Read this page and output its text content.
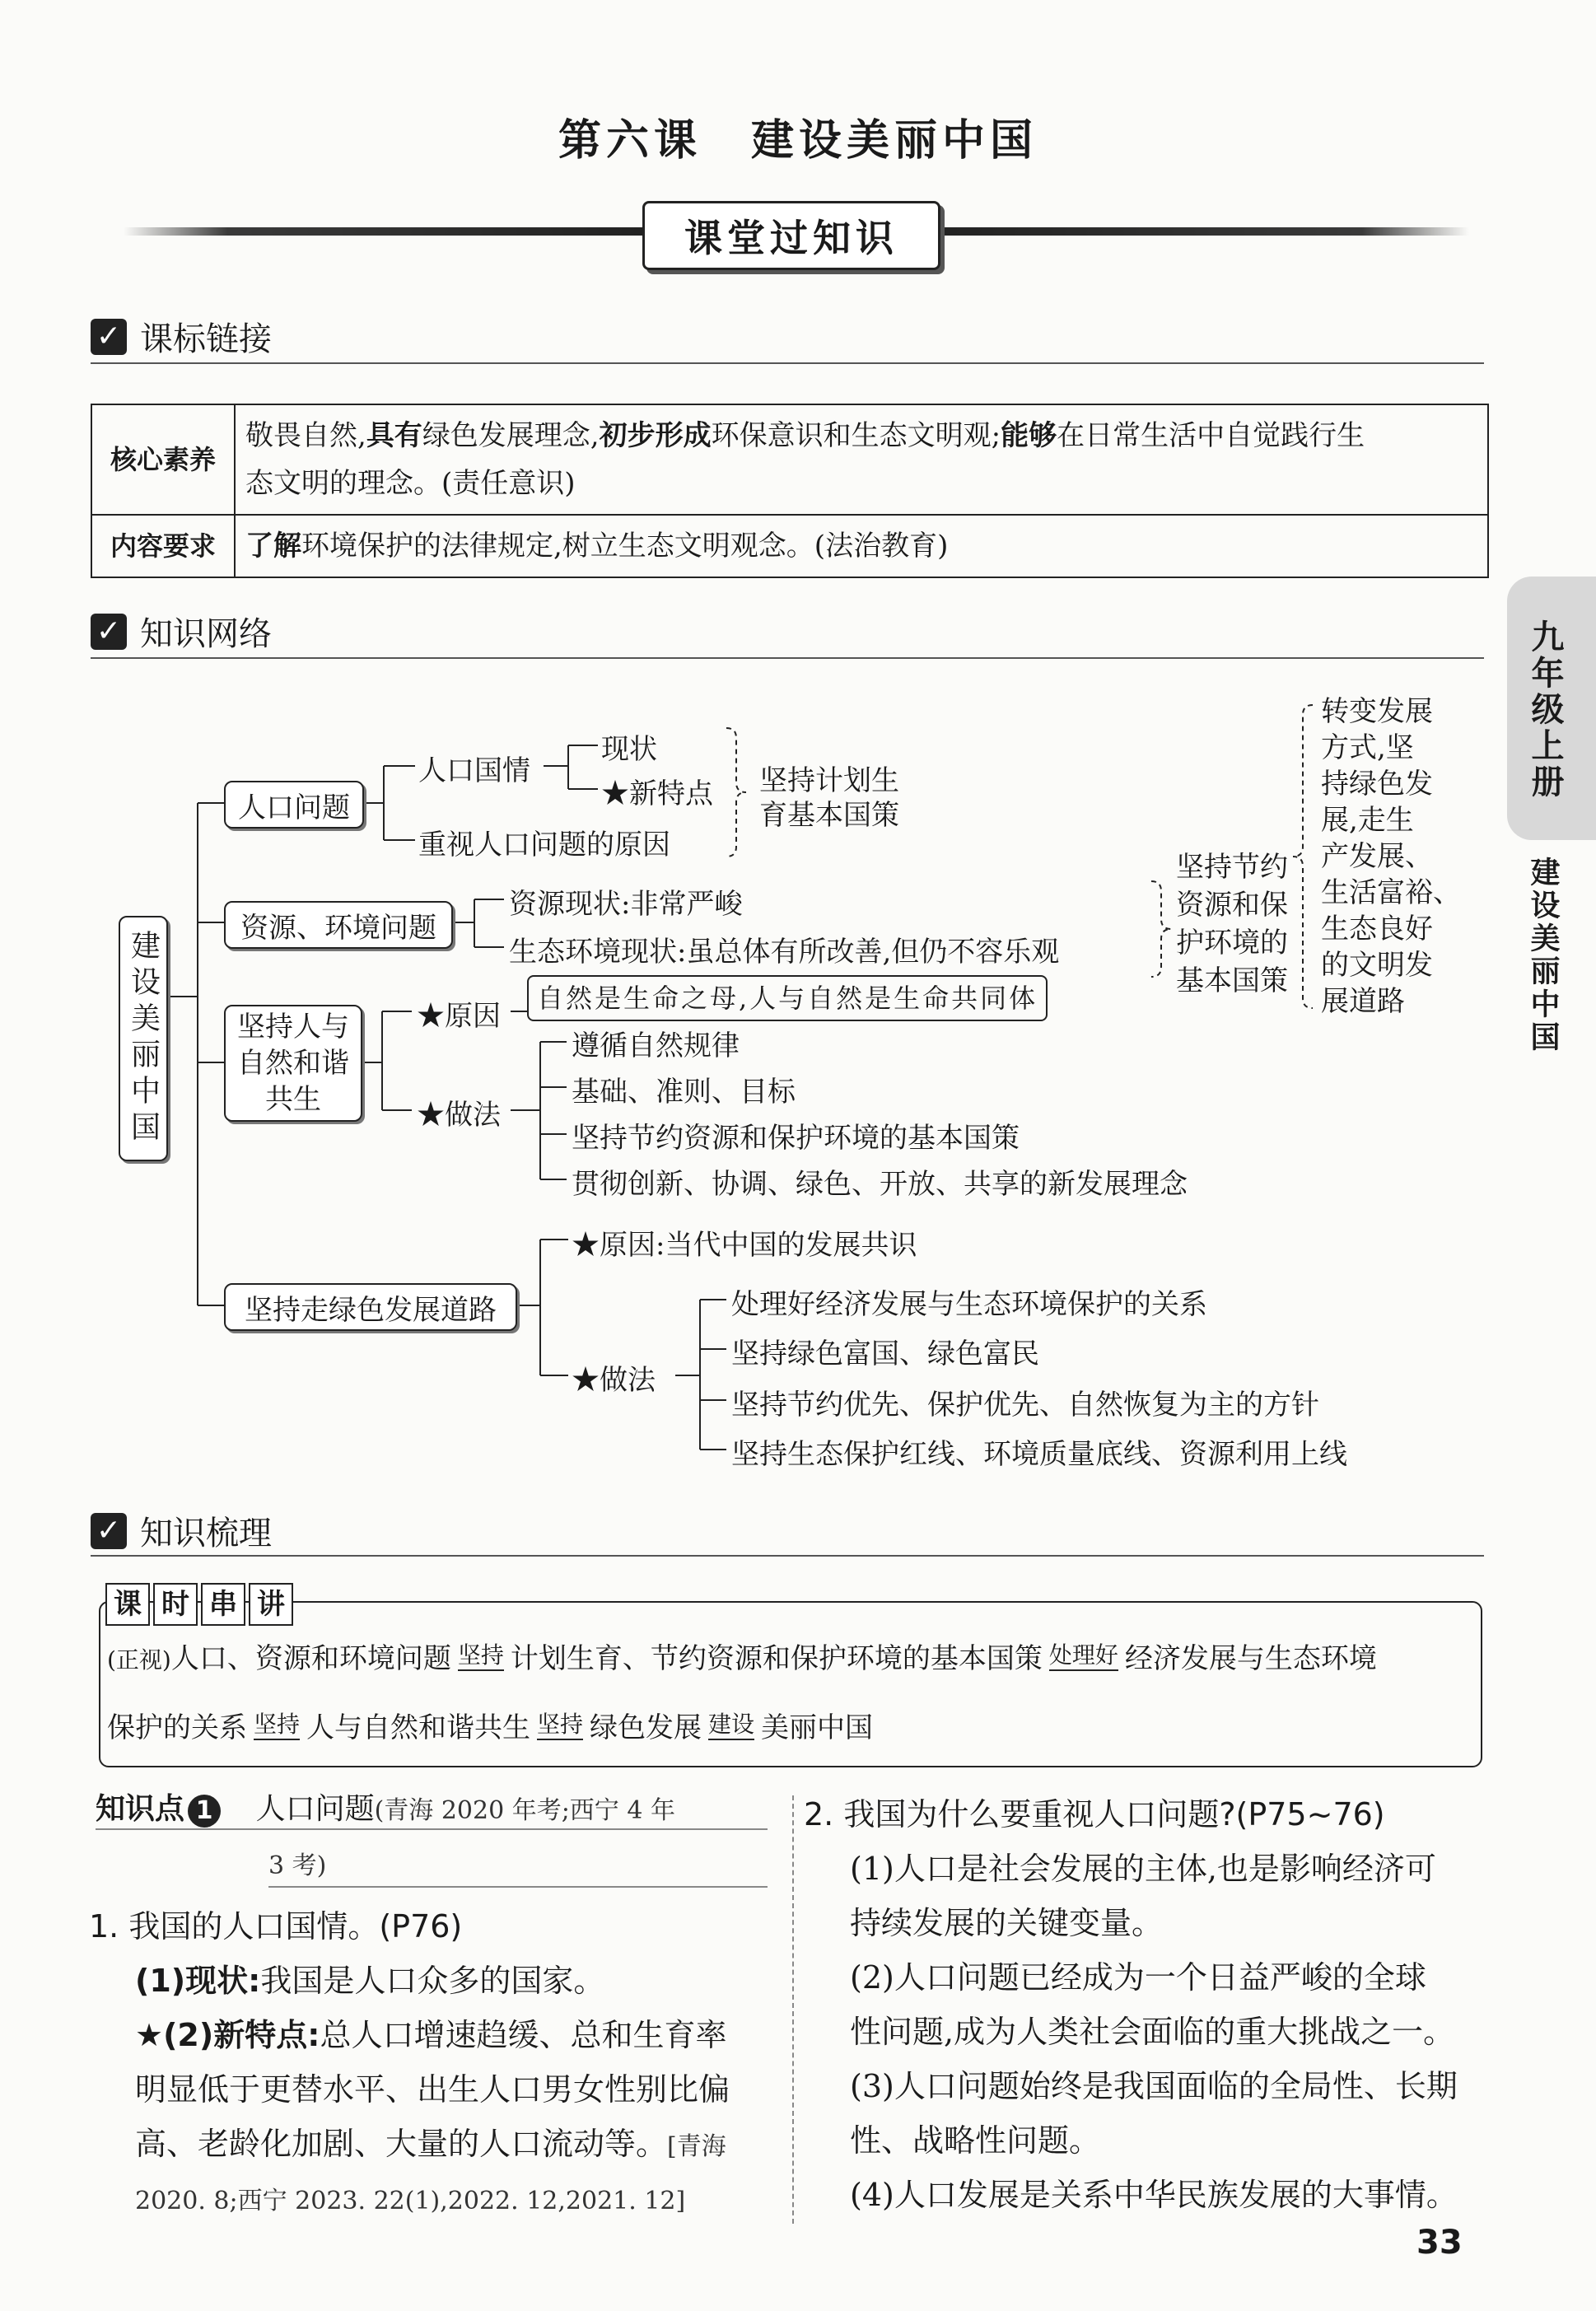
第六课 建设美丽中国
课堂过知识
✓ 课标链接
核心素养	敬畏自然,具有绿色发展理念,初步形成环保意识和生态文明观;能够在日常生活中自觉践行生
态文明的理念。(责任意识)
内容要求	了解环境保护的法律规定,树立生态文明观念。(法治教育)
✓ 知识网络
建设美丽中国
人口问题
人口国情
现状
★新特点
重视人口问题的原因
坚持计划生
育基本国策
资源、环境问题
资源现状:非常严峻
生态环境现状:虽总体有所改善,但仍不容乐观
坚持节约
资源和保
护环境的
基本国策
转变发展
方式,坚
持绿色发
展,走生
产发展、
生活富裕、
生态良好
的文明发
展道路
坚持人与
自然和谐
共生
★原因
自然是生命之母,人与自然是生命共同体
★做法
遵循自然规律
基础、准则、目标
坚持节约资源和保护环境的基本国策
贯彻创新、协调、绿色、开放、共享的新发展理念
坚持走绿色发展道路
★原因:当代中国的发展共识
★做法
处理好经济发展与生态环境保护的关系
坚持绿色富国、绿色富民
坚持节约优先、保护优先、自然恢复为主的方针
坚持生态保护红线、环境质量底线、资源利用上线
✓ 知识梳理
课 时 串 讲
(正视)人口、资源和环境问题 坚持 计划生育、节约资源和保护环境的基本国策 处理好 经济发展与生态环境
保护的关系 坚持 人与自然和谐共生 坚持 绿色发展 建设 美丽中国
知识点 1 人口问题(青海 2020 年考;西宁 4 年
3 考)
1. 我国的人口国情。(P76)
(1)现状:我国是人口众多的国家。
★(2)新特点:总人口增速趋缓、总和生育率
明显低于更替水平、出生人口男女性别比偏
高、老龄化加剧、大量的人口流动等。[青海
2020. 8;西宁 2023. 22(1),2022. 12,2021. 12]
2. 我国为什么要重视人口问题?(P75~76)
(1)人口是社会发展的主体,也是影响经济可
持续发展的关键变量。
(2)人口问题已经成为一个日益严峻的全球
性问题,成为人类社会面临的重大挑战之一。
(3)人口问题始终是我国面临的全局性、长期
性、战略性问题。
(4)人口发展是关系中华民族发展的大事情。
九年级上册
建设美丽中国
33
